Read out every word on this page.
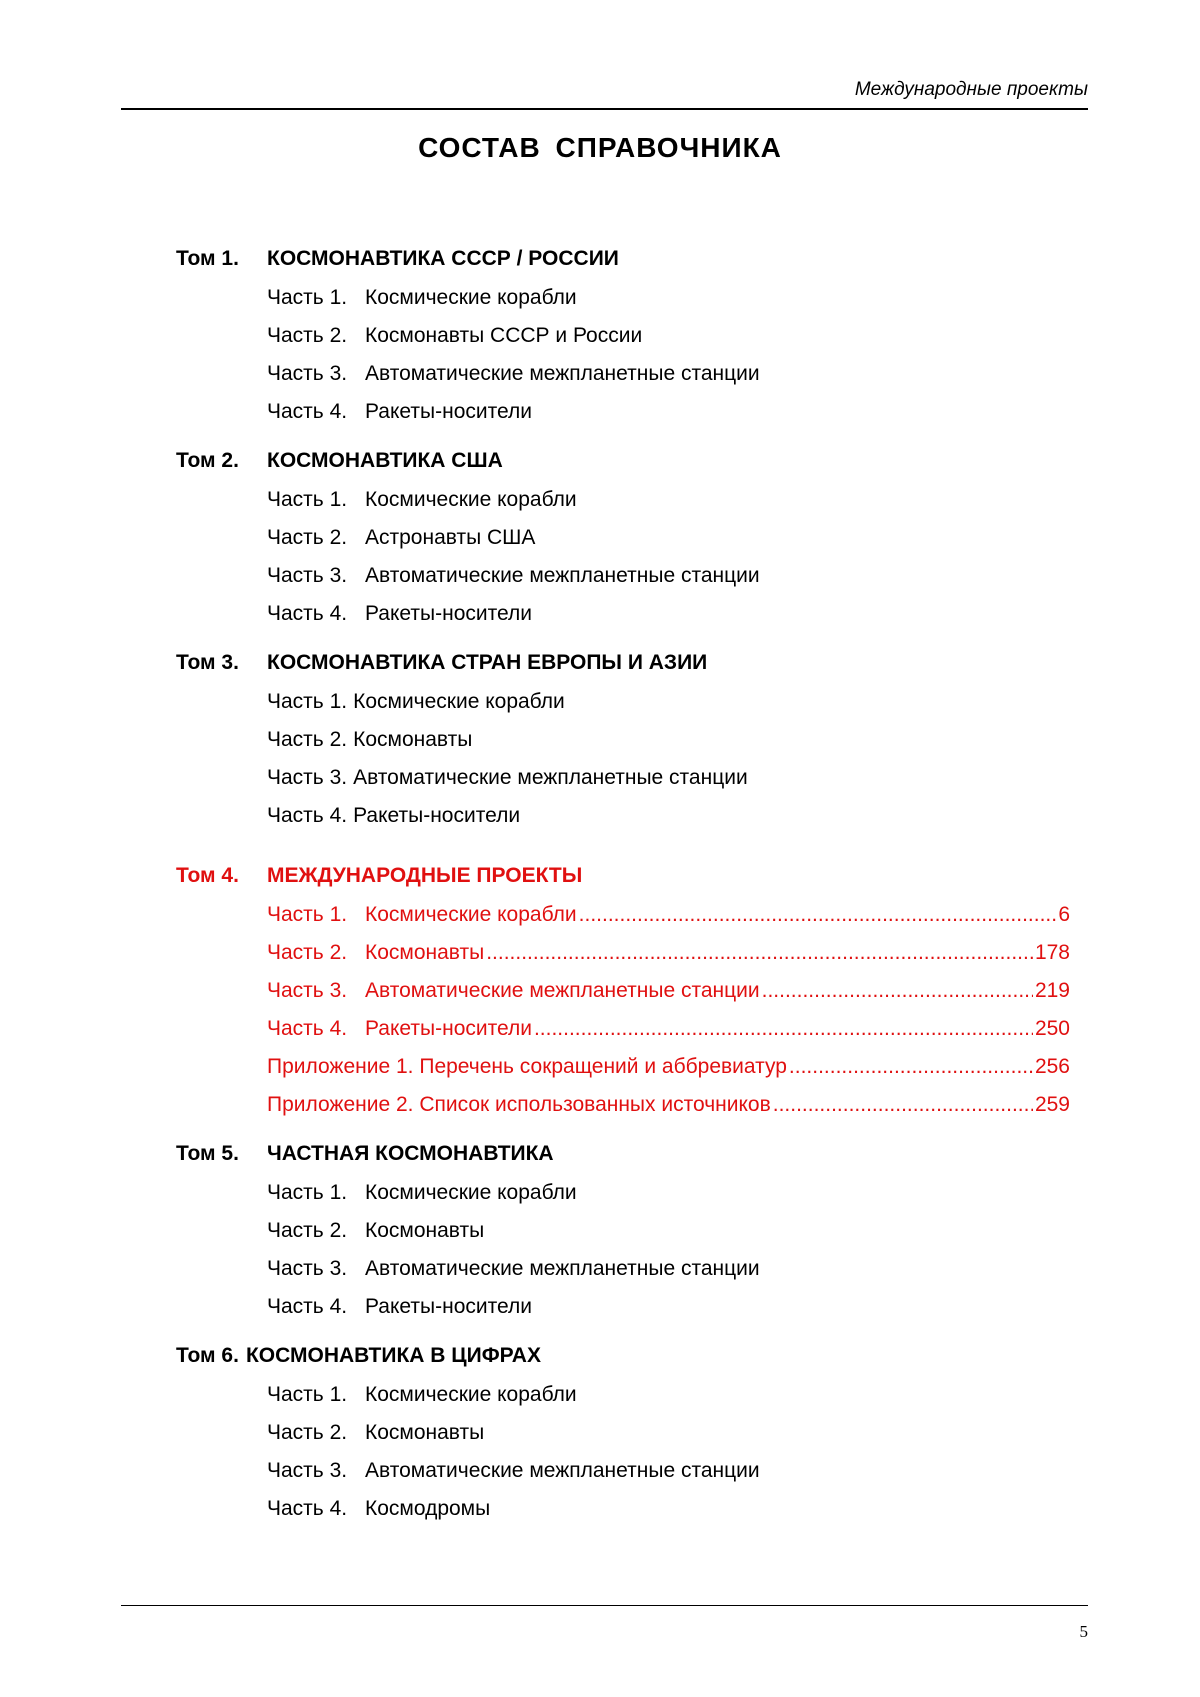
Международные проекты
СОСТАВ СПРАВОЧНИКА
Том 1. КОСМОНАВТИКА СССР / РОССИИ
Часть 1. Космические корабли
Часть 2. Космонавты СССР и России
Часть 3. Автоматические межпланетные станции
Часть 4. Ракеты-носители
Том 2. КОСМОНАВТИКА США
Часть 1. Космические корабли
Часть 2. Астронавты США
Часть 3. Автоматические межпланетные станции
Часть 4. Ракеты-носители
Том 3. КОСМОНАВТИКА СТРАН ЕВРОПЫ И АЗИИ
Часть 1. Космические корабли
Часть 2. Космонавты
Часть 3. Автоматические межпланетные станции
Часть 4. Ракеты-носители
Том 4. МЕЖДУНАРОДНЫЕ ПРОЕКТЫ
Часть 1. Космические корабли .....	6
Часть 2. Космонавты .....	178
Часть 3. Автоматические межпланетные станции .....	219
Часть 4. Ракеты-носители .....	250
Приложение 1. Перечень сокращений и аббревиатур .....	256
Приложение 2. Список использованных источников .....	259
Том 5. ЧАСТНАЯ КОСМОНАВТИКА
Часть 1. Космические корабли
Часть 2. Космонавты
Часть 3. Автоматические межпланетные станции
Часть 4. Ракеты-носители
Том 6. КОСМОНАВТИКА В ЦИФРАХ
Часть 1. Космические корабли
Часть 2. Космонавты
Часть 3. Автоматические межпланетные станции
Часть 4. Космодромы
5
